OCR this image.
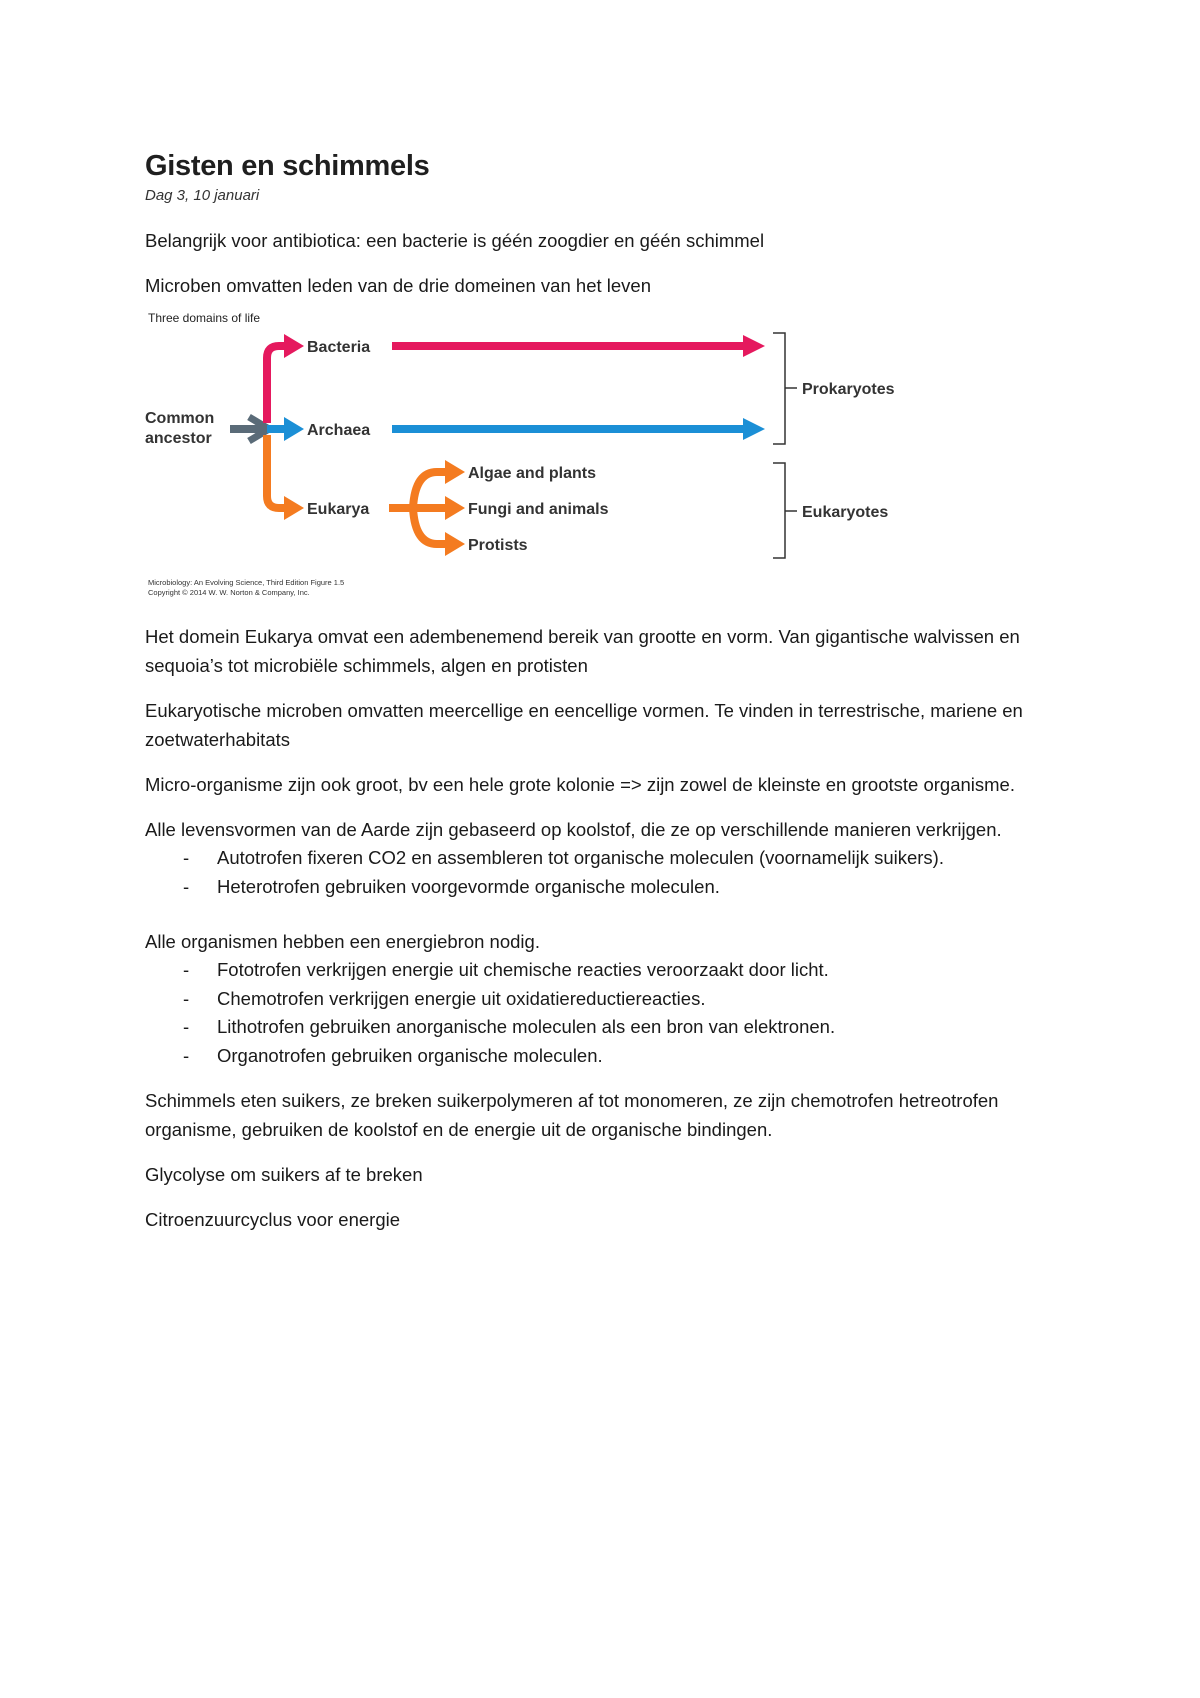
Gisten en schimmels
Dag 3, 10 januari

Belangrijk voor antibiotica: een bacterie is géén zoogdier en géén schimmel

Microben omvatten leden van de drie domeinen van het leven

Three domains of life
Common
ancestor
Bacteria
Archaea
Eukarya
Algae and plants
Fungi and animals
Protists
Prokaryotes
Eukaryotes
Microbiology: An Evolving Science, Third Edition Figure 1.5
Copyright © 2014 W. W. Norton & Company, Inc.

Het domein Eukarya omvat een adembenemend bereik van grootte en vorm. Van gigantische walvissen en sequoia’s tot microbiële schimmels, algen en protisten

Eukaryotische microben omvatten meercellige en eencellige vormen. Te vinden in terrestrische, mariene en zoetwaterhabitats

Micro-organisme zijn ook groot, bv een hele grote kolonie => zijn zowel de kleinste en grootste organisme.

Alle levensvormen van de Aarde zijn gebaseerd op koolstof, die ze op verschillende manieren verkrijgen.

- Autotrofen fixeren CO2 en assembleren tot organische moleculen (voornamelijk suikers).
- Heterotrofen gebruiken voorgevormde organische moleculen.

Alle organismen hebben een energiebron nodig.

- Fototrofen verkrijgen energie uit chemische reacties veroorzaakt door licht.
- Chemotrofen verkrijgen energie uit oxidatiereductiereacties.
- Lithotrofen gebruiken anorganische moleculen als een bron van elektronen.
- Organotrofen gebruiken organische moleculen.

Schimmels eten suikers, ze breken suikerpolymeren af tot monomeren, ze zijn chemotrofen hetreotrofen organisme, gebruiken de koolstof en de energie uit de organische bindingen.

Glycolyse om suikers af te breken

Citroenzuurcyclus voor energie
